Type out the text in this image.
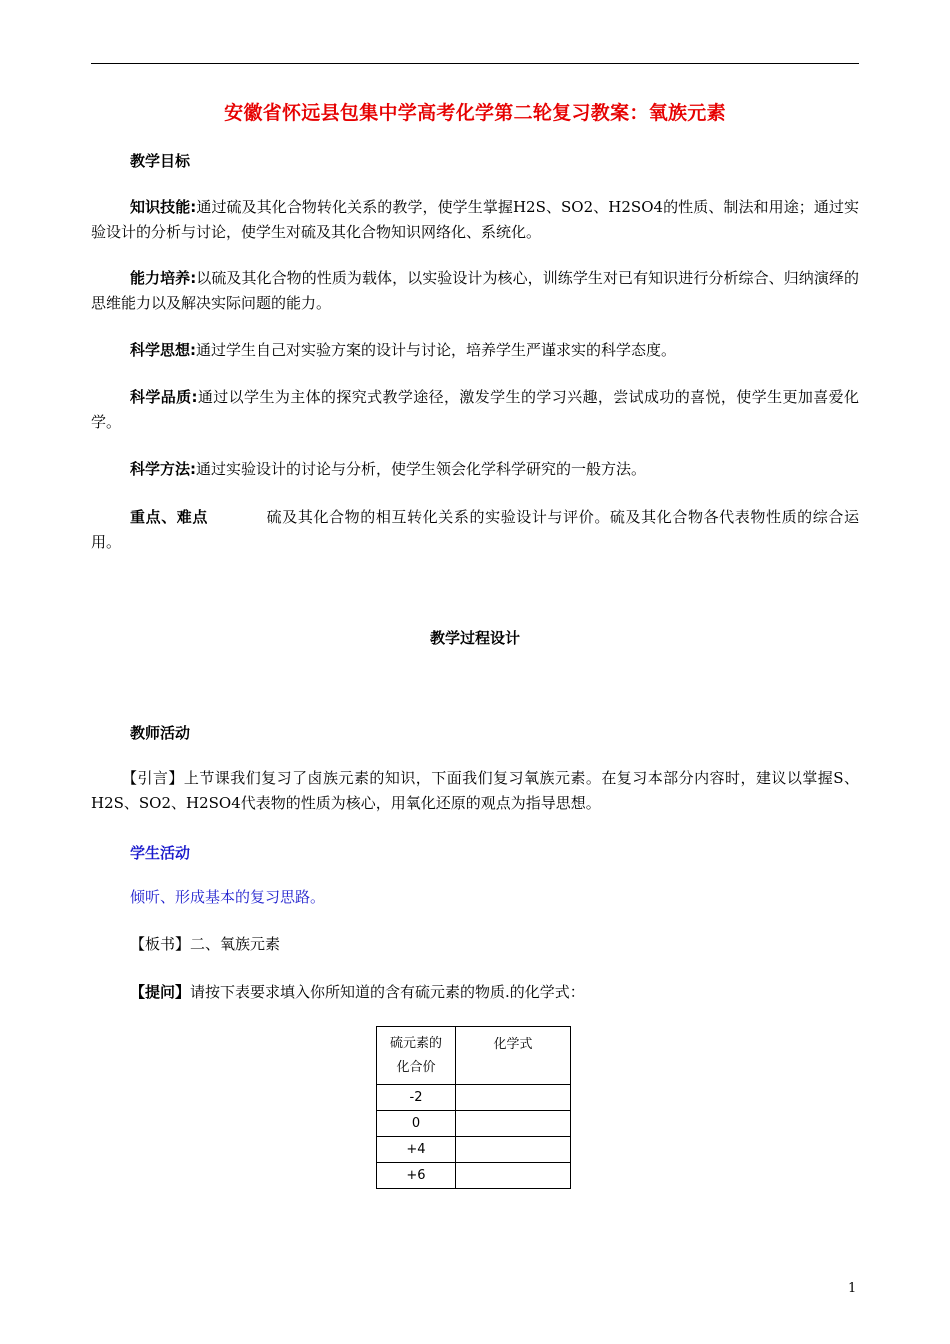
安徽省怀远县包集中学高考化学第二轮复习教案：氧族元素
教学目标
知识技能:通过硫及其化合物转化关系的教学，使学生掌握H2S、SO2、H2SO4的性质、制法和用途；通过实验设计的分析与讨论，使学生对硫及其化合物知识网络化、系统化。
能力培养:以硫及其化合物的性质为载体，以实验设计为核心，训练学生对已有知识进行分析综合、归纳演绎的思维能力以及解决实际问题的能力。
科学思想:通过学生自己对实验方案的设计与讨论，培养学生严谨求实的科学态度。
科学品质:通过以学生为主体的探究式教学途径，激发学生的学习兴趣，尝试成功的喜悦，使学生更加喜爱化学。
科学方法:通过实验设计的讨论与分析，使学生领会化学科学研究的一般方法。
重点、难点	硫及其化合物的相互转化关系的实验设计与评价。硫及其化合物各代表物性质的综合运用。
教学过程设计
教师活动
【引言】上节课我们复习了卤族元素的知识，下面我们复习氧族元素。在复习本部分内容时，建议以掌握S、H2S、SO2、H2SO4代表物的性质为核心，用氧化还原的观点为指导思想。
学生活动
倾听、形成基本的复习思路。
【板书】二、氧族元素
【提问】请按下表要求填入你所知道的含有硫元素的物质.的化学式：
硫元素的
化合价	化学式
-2	
0	
+4	
+6	
1
